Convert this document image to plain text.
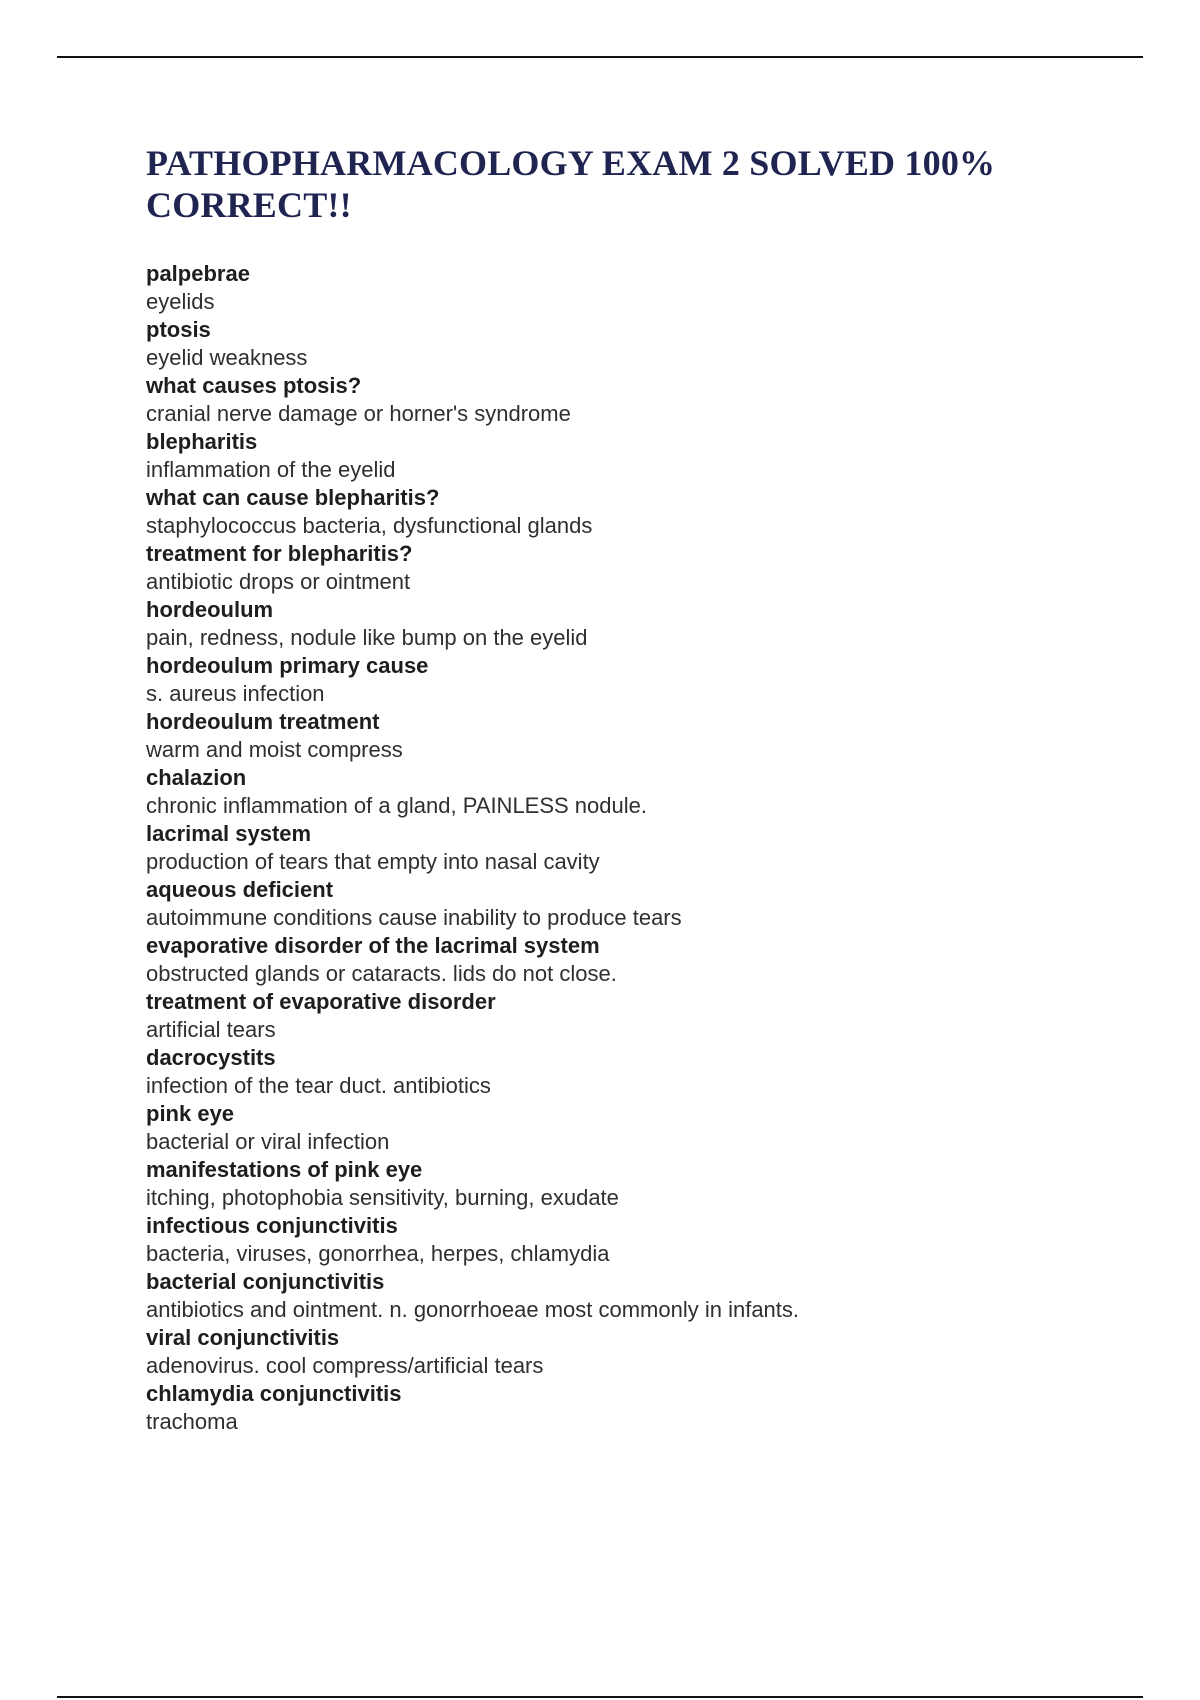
PATHOPHARMACOLOGY EXAM 2 SOLVED 100% CORRECT!!
palpebrae
eyelids
ptosis
eyelid weakness
what causes ptosis?
cranial nerve damage or horner's syndrome
blepharitis
inflammation of the eyelid
what can cause blepharitis?
staphylococcus bacteria, dysfunctional glands
treatment for blepharitis?
antibiotic drops or ointment
hordeoulum
pain, redness, nodule like bump on the eyelid
hordeoulum primary cause
s. aureus infection
hordeoulum treatment
warm and moist compress
chalazion
chronic inflammation of a gland, PAINLESS nodule.
lacrimal system
production of tears that empty into nasal cavity
aqueous deficient
autoimmune conditions cause inability to produce tears
evaporative disorder of the lacrimal system
obstructed glands or cataracts. lids do not close.
treatment of evaporative disorder
artificial tears
dacrocystits
infection of the tear duct. antibiotics
pink eye
bacterial or viral infection
manifestations of pink eye
itching, photophobia sensitivity, burning, exudate
infectious conjunctivitis
bacteria, viruses, gonorrhea, herpes, chlamydia
bacterial conjunctivitis
antibiotics and ointment. n. gonorrhoeae most commonly in infants.
viral conjunctivitis
adenovirus. cool compress/artificial tears
chlamydia conjunctivitis
trachoma
